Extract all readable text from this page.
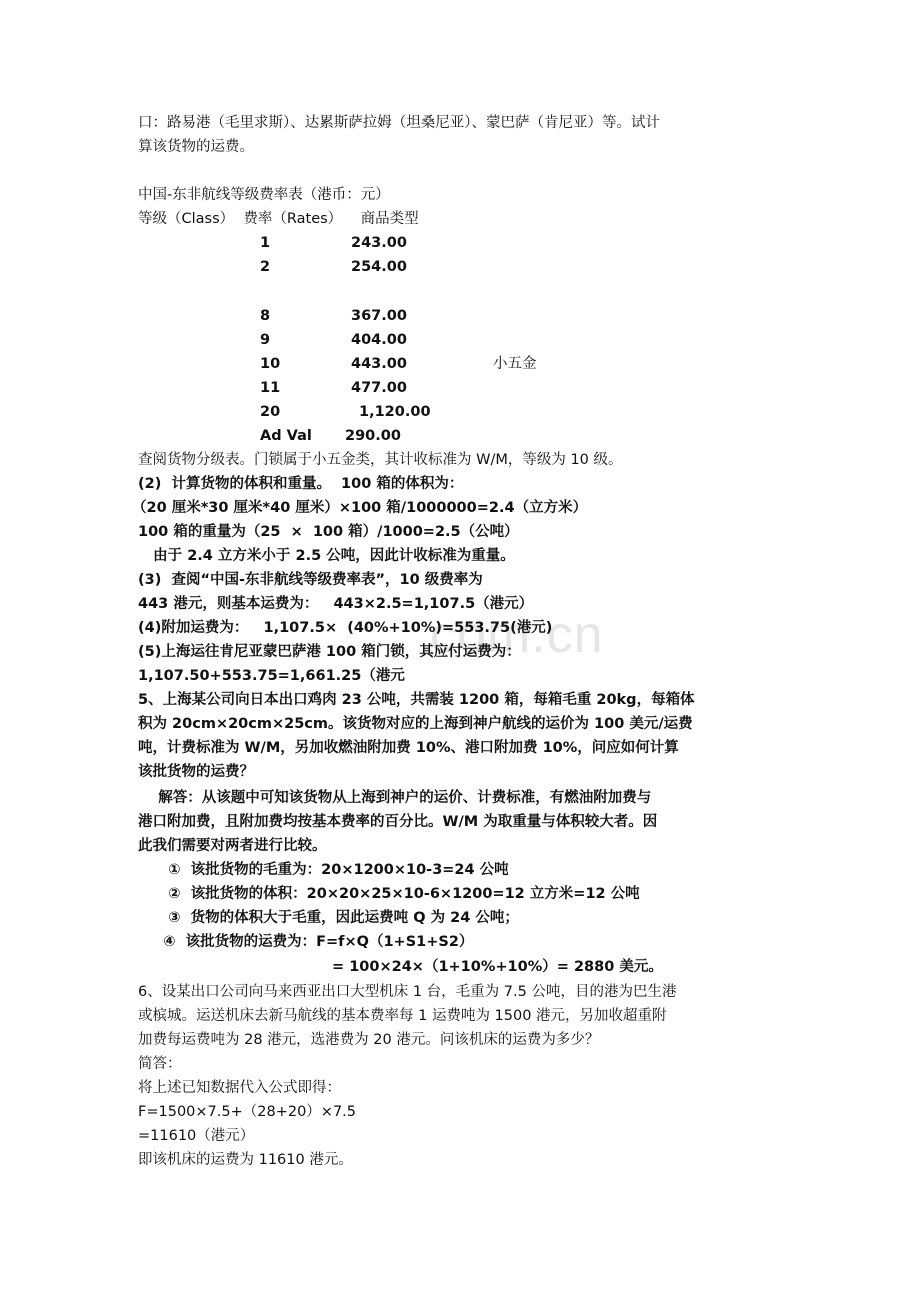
com.cn
口：路易港（毛里求斯）、达累斯萨拉姆（坦桑尼亚）、蒙巴萨（肯尼亚）等。试计
算该货物的运费。
中国-东非航线等级费率表（港币：元）
等级（Class）  费率（Rates）    商品类型
1	243.00
2	254.00
8	367.00
9	404.00
10	443.00	小五金
11	477.00
20	1,120.00
Ad Val 290.00
查阅货物分级表。门锁属于小五金类，其计收标准为 W/M，等级为 10 级。
(2)  计算货物的体积和重量。  100 箱的体积为：
（20 厘米*30 厘米*40 厘米）×100 箱/1000000=2.4（立方米）
100 箱的重量为（25  ×  100 箱）/1000=2.5（公吨）
由于 2.4 立方米小于 2.5 公吨，因此计收标准为重量。
(3)  查阅“中国-东非航线等级费率表”，10 级费率为
443 港元，则基本运费为：   443×2.5=1,107.5（港元）
(4)附加运费为：   1,107.5×  (40%+10%)=553.75(港元)
(5)上海运往肯尼亚蒙巴萨港 100 箱门锁，其应付运费为：
1,107.50+553.75=1,661.25（港元
5、上海某公司向日本出口鸡肉 23 公吨，共需装 1200 箱，每箱毛重 20kg，每箱体
积为 20cm×20cm×25cm。该货物对应的上海到神户航线的运价为 100 美元/运费
吨，计费标准为 W/M，另加收燃油附加费 10%、港口附加费 10%，问应如何计算
该批货物的运费？
解答：从该题中可知该货物从上海到神户的运价、计费标准，有燃油附加费与
港口附加费，且附加费均按基本费率的百分比。W/M 为取重量与体积较大者。因
此我们需要对两者进行比较。
①  该批货物的毛重为：20×1200×10-3=24 公吨
②  该批货物的体积：20×20×25×10-6×1200=12 立方米=12 公吨
③  货物的体积大于毛重，因此运费吨 Q 为 24 公吨；
④  该批货物的运费为：F=f×Q（1+S1+S2）
= 100×24×（1+10%+10%）= 2880 美元。
6、设某出口公司向马来西亚出口大型机床 1 台，毛重为 7.5 公吨，目的港为巴生港
或槟城。运送机床去新马航线的基本费率每 1 运费吨为 1500 港元，另加收超重附
加费每运费吨为 28 港元，选港费为 20 港元。问该机床的运费为多少？
简答：
将上述已知数据代入公式即得：
F=1500×7.5+（28+20）×7.5
=11610（港元）
即该机床的运费为 11610 港元。
